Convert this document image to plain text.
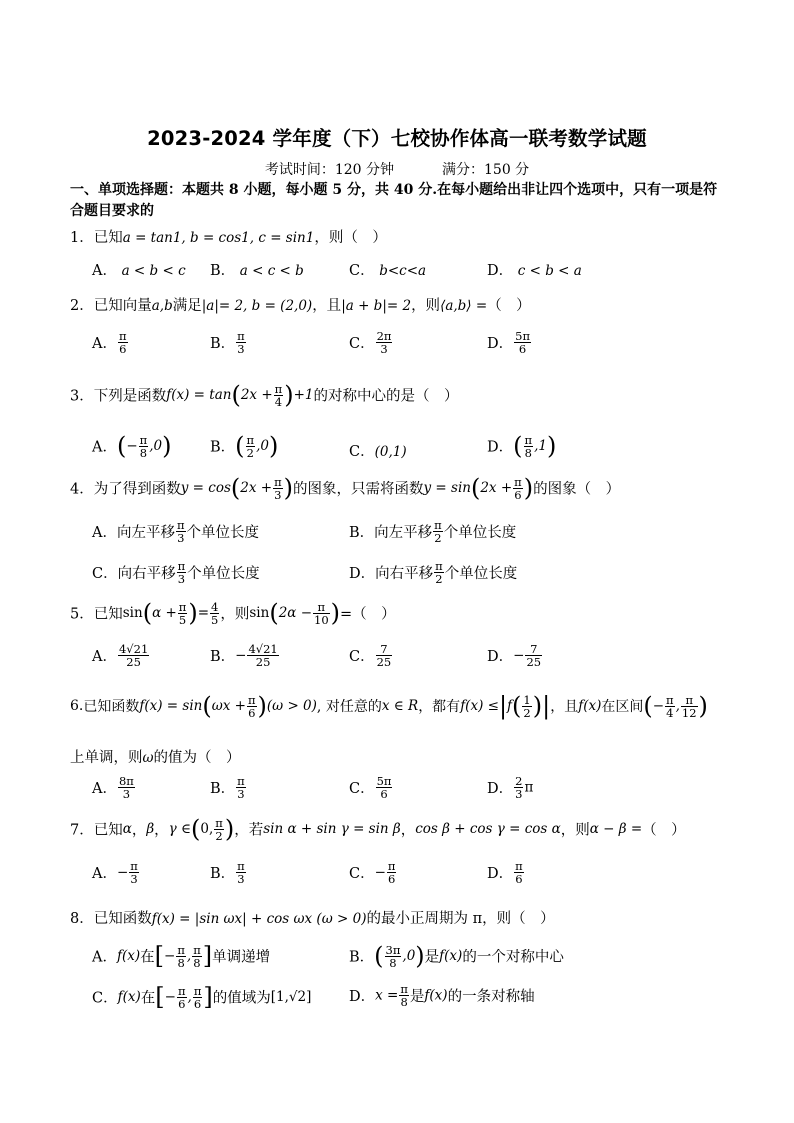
2023-2024 学年度（下）七校协作体高一联考数学试题
考试时间：120 分钟	满分：150 分
一、单项选择题：本题共 8 小题，每小题 5 分，共 40 分.在每小题给出非让四个选项中，只有一项是符合题目要求的
1．已知a = tan1, b = cos1, c = sin1，则（　）
A． a < b < c B． a < c < b	C． b<c<a	D． c < b < a
2．已知向量a,b满足|a|= 2, b = (2,0)，且|a + b|= 2，则⟨a,b⟩ =（　）
A． $\frac{\pi}{6}$	B． $\frac{\pi}{3}$	C． $\frac{2\pi}{3}$	D． $\frac{5\pi}{6}$
3．下列是函数$f(x) = \tan(2x + \frac{\pi}{4} )+1$的对称中心的是（　）
A．(− $\frac{\pi}{8} ,0$)	B．( $\frac{\pi}{2} ,0$)	C．(0,1)	D．( $\frac{\pi}{8} ,1$)
4．为了得到函数$y = \cos(2x + \frac{\pi}{3}$ )的图象，只需将函数$y = \sin(2x + \frac{\pi}{6}$ )的图象（　）
A．向左平移 $\frac{\pi}{3}$ 个单位长度	B．向左平移 $\frac{\pi}{2}$ 个单位长度
C．向右平移 $\frac{\pi}{3}$ 个单位长度	D．向右平移 $\frac{\pi}{2}$ 个单位长度
5．已知$\sin(\alpha + \frac{\pi}{5}$ )= $\frac{4}{5}$ ，则$\sin(2\alpha - \frac{\pi}{10}$ )=（　）
A． $\frac{4√21}{25}$	B．− $\frac{4√21}{25}$	C． $\frac{7}{25}$	D．− $\frac{7}{25}$
6.已知函数$f(x) = \sin(\omega x + \frac{\pi}{6} )(\omega > 0)$, 对任意的x ∈ R，都有$f(x) \le|f( \frac{1}{2}$ )|，且f(x)在区间(− $\frac{\pi}{4}$ , $\frac{\pi}{12}$ )
上单调，则ω的值为（　）
A． $\frac{8\pi}{3}$	B． $\frac{\pi}{3}$	C． $\frac{5\pi}{6}$	D． $\frac{2}{3}$ π
7．已知α，β，γ ∈(0, $\frac{\pi}{2}$ )，若sin α + sin γ = sin β，cos β + cos γ = cos α，则α − β =（　）
A．− $\frac{\pi}{3}$	B． $\frac{\pi}{3}$	C．− $\frac{\pi}{6}$	D． $\frac{\pi}{6}$
8．已知函数f(x) = |sin ωx| + cos ωx (ω > 0)的最小正周期为 π，则（　）
A．f(x)在[− $\frac{\pi}{8}$ , $\frac{\pi}{8}$ ]单调递增	B．( $\frac{3\pi}{8} ,0$)是f(x)的一个对称中心
C．f(x)在[− $\frac{\pi}{6}$ , $\frac{\pi}{6}$ ]的值域为[1,√2]	D．$x = \frac{\pi}{8}$ 是f(x)的一条对称轴
